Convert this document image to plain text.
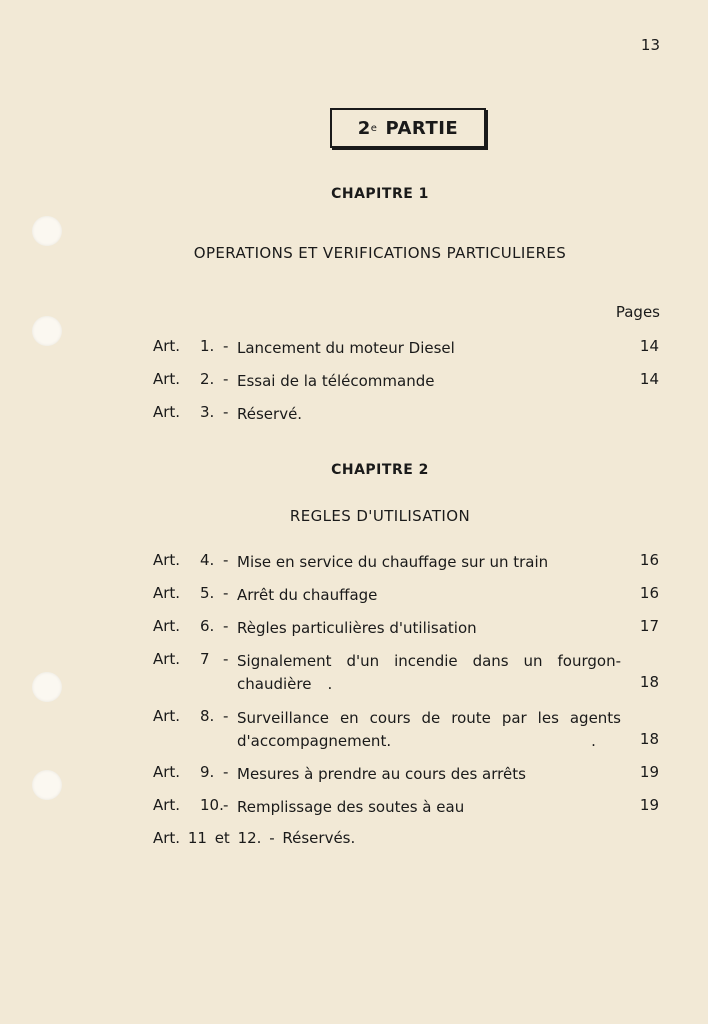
13
2 e PARTIE
CHAPITRE 1
OPERATIONS ET VERIFICATIONS PARTICULIERES
Pages
Art. 1. - Lancement du moteur Diesel	14
Art. 2. - Essai de la télécommande	14
Art. 3. - Réservé.
CHAPITRE 2
REGLES D'UTILISATION
Art. 4. - Mise en service du chauffage sur un train	16
Art. 5. - Arrêt du chauffage	16
Art. 6. - Règles particulières d'utilisation	17
Art. 7 - Signalement d'un incendie dans un fourgon-
chaudière .	18
Art. 8. - Surveillance en cours de route par les agents
d'accompagnement.	.	18
Art. 9. - Mesures à prendre au cours des arrêts	19
Art. 10. - Remplissage des soutes à eau	19
Art. 11 et 12. - Réservés.
